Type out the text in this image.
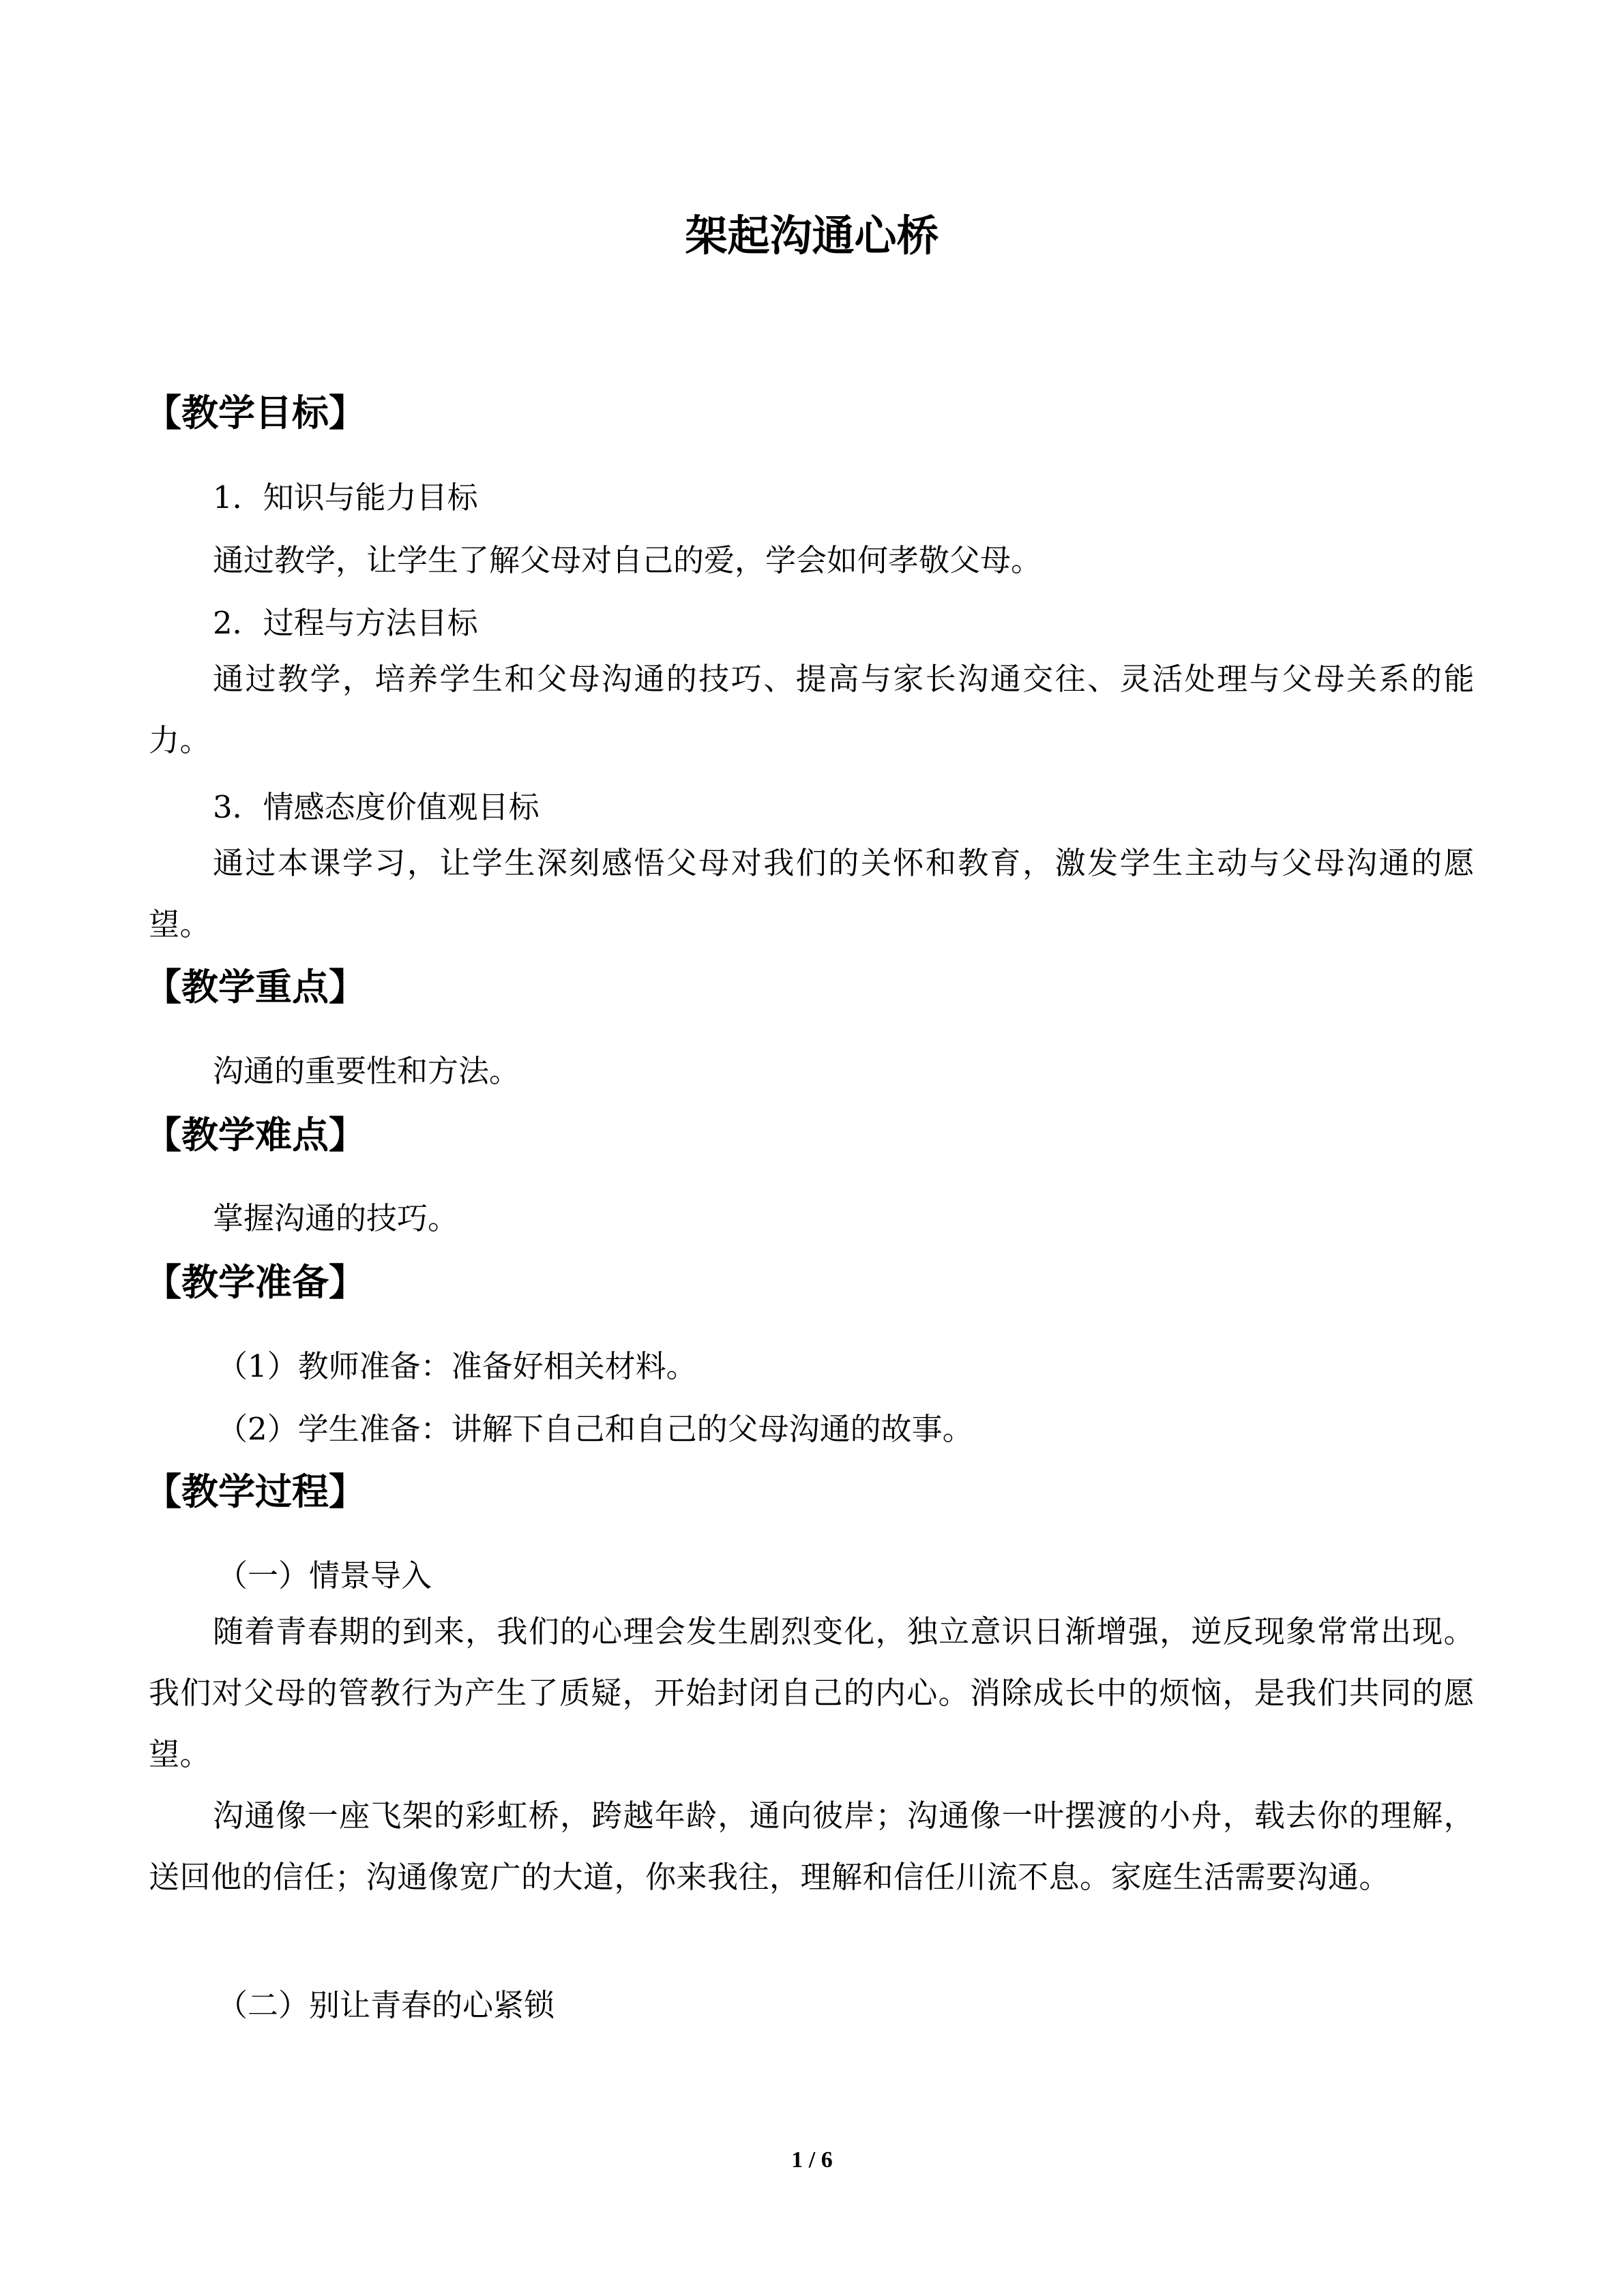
架起沟通心桥
【教学目标】

1．知识与能力目标

通过教学，让学生了解父母对自己的爱，学会如何孝敬父母。

2．过程与方法目标

通过教学，培养学生和父母沟通的技巧、提高与家长沟通交往、灵活处理与父母关系的能力。

3．情感态度价值观目标

通过本课学习，让学生深刻感悟父母对我们的关怀和教育，激发学生主动与父母沟通的愿望。

【教学重点】

沟通的重要性和方法。

【教学难点】

掌握沟通的技巧。

【教学准备】

（1）教师准备：准备好相关材料。

（2）学生准备：讲解下自己和自己的父母沟通的故事。

【教学过程】

（一）情景导入

随着青春期的到来，我们的心理会发生剧烈变化，独立意识日渐增强，逆反现象常常出现。我们对父母的管教行为产生了质疑，开始封闭自己的内心。消除成长中的烦恼，是我们共同的愿望。

沟通像一座飞架的彩虹桥，跨越年龄，通向彼岸；沟通像一叶摆渡的小舟，载去你的理解，送回他的信任；沟通像宽广的大道，你来我往，理解和信任川流不息。家庭生活需要沟通。

（二）别让青春的心紧锁

1 / 6
